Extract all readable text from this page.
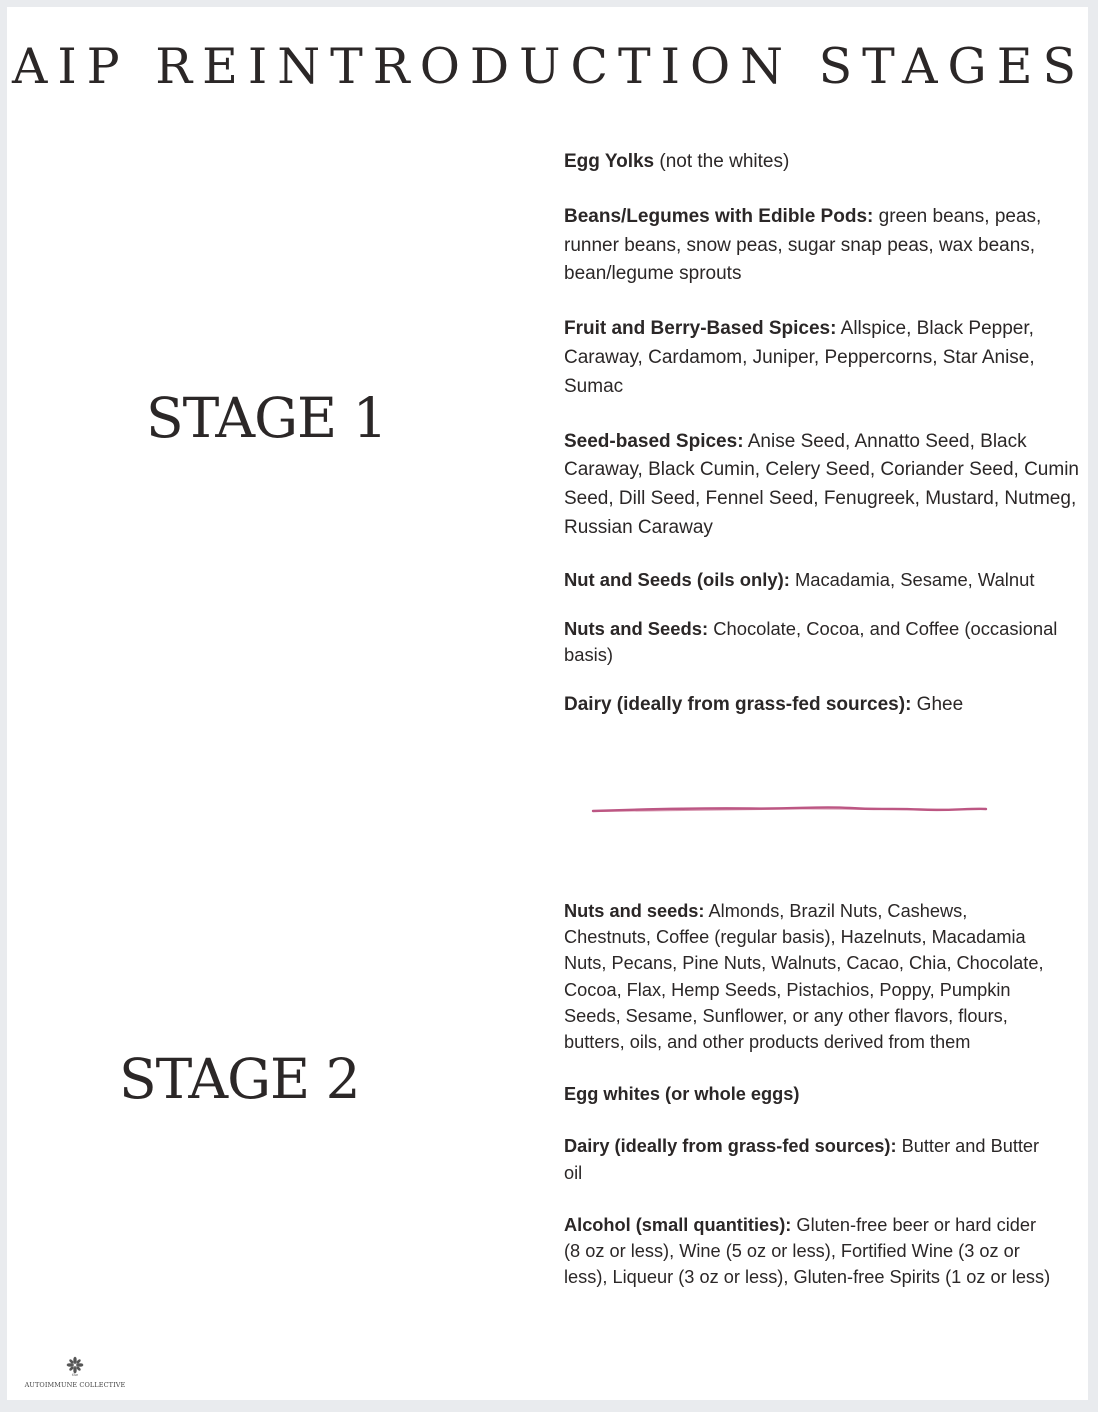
AIP REINTRODUCTION STAGES
STAGE 1
Egg Yolks (not the whites)
Beans/Legumes with Edible Pods: green beans, peas, runner beans, snow peas, sugar snap peas, wax beans, bean/legume sprouts
Fruit and Berry-Based Spices: Allspice, Black Pepper, Caraway, Cardamom, Juniper, Peppercorns, Star Anise, Sumac
Seed-based Spices: Anise Seed, Annatto Seed, Black Caraway, Black Cumin, Celery Seed, Coriander Seed, Cumin Seed, Dill Seed, Fennel Seed, Fenugreek, Mustard, Nutmeg, Russian Caraway
Nut and Seeds (oils only): Macadamia, Sesame, Walnut
Nuts and Seeds: Chocolate, Cocoa, and Coffee (occasional basis)
Dairy (ideally from grass-fed sources): Ghee
STAGE 2
Nuts and seeds: Almonds, Brazil Nuts, Cashews, Chestnuts, Coffee (regular basis), Hazelnuts, Macadamia Nuts, Pecans, Pine Nuts, Walnuts, Cacao, Chia, Chocolate, Cocoa, Flax, Hemp Seeds, Pistachios, Poppy, Pumpkin Seeds, Sesame, Sunflower, or any other flavors, flours, butters, oils, and other products derived from them
Egg whites (or whole eggs)
Dairy (ideally from grass-fed sources): Butter and Butter oil
Alcohol (small quantities): Gluten-free beer or hard cider (8 oz or less), Wine (5 oz or less), Fortified Wine (3 oz or less), Liqueur (3 oz or less), Gluten-free Spirits (1 oz or less)
the
AUTOIMMUNE COLLECTIVE
